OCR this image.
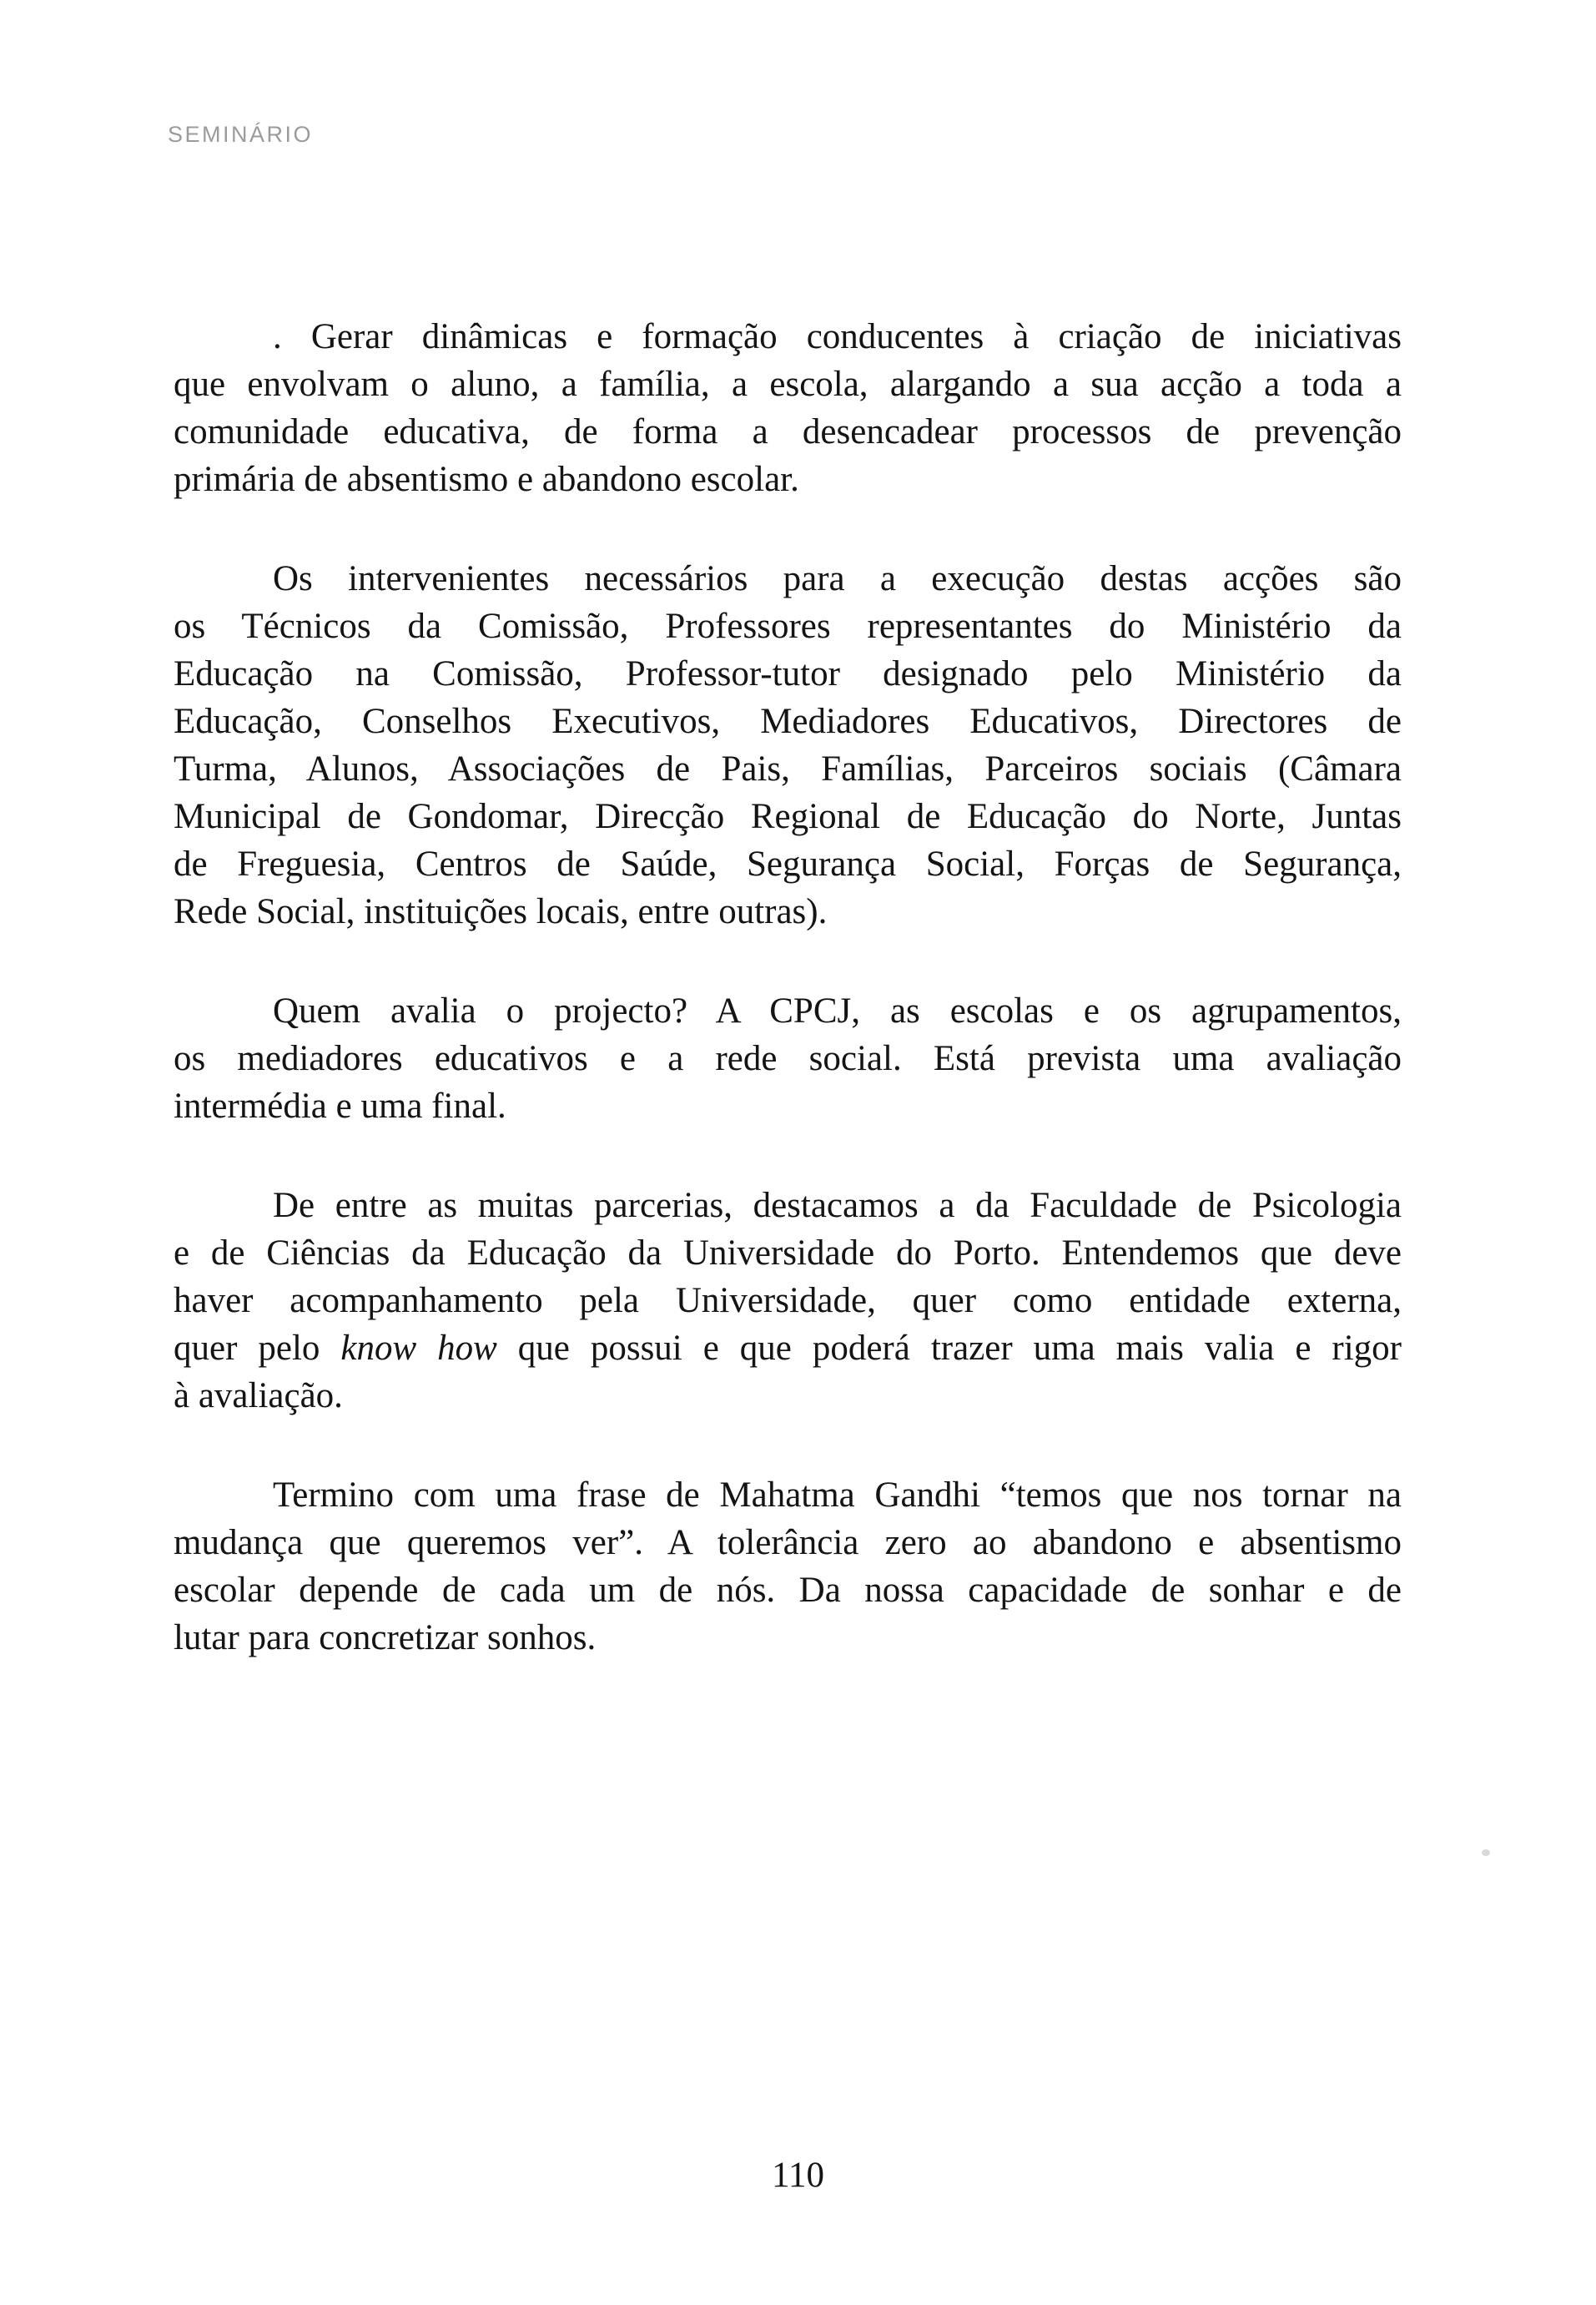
SEMINÁRIO
. Gerar dinâmicas e formação conducentes à criação de iniciativas
que envolvam o aluno, a família, a escola, alargando a sua acção a toda a
comunidade educativa, de forma a desencadear processos de prevenção
primária de absentismo e abandono escolar.
Os intervenientes necessários para a execução destas acções são
os Técnicos da Comissão, Professores representantes do Ministério da
Educação na Comissão, Professor-tutor designado pelo Ministério da
Educação, Conselhos Executivos, Mediadores Educativos, Directores de
Turma, Alunos, Associações de Pais, Famílias, Parceiros sociais (Câmara
Municipal de Gondomar, Direcção Regional de Educação do Norte, Juntas
de Freguesia, Centros de Saúde, Segurança Social, Forças de Segurança,
Rede Social, instituições locais, entre outras).
Quem avalia o projecto? A CPCJ, as escolas e os agrupamentos,
os mediadores educativos e a rede social. Está prevista uma avaliação
intermédia e uma final.
De entre as muitas parcerias, destacamos a da Faculdade de Psicologia
e de Ciências da Educação da Universidade do Porto. Entendemos que deve
haver acompanhamento pela Universidade, quer como entidade externa,
quer pelo know how que possui e que poderá trazer uma mais valia e rigor
à avaliação.
Termino com uma frase de Mahatma Gandhi “temos que nos tornar na
mudança que queremos ver”. A tolerância zero ao abandono e absentismo
escolar depende de cada um de nós. Da nossa capacidade de sonhar e de
lutar para concretizar sonhos.
110
